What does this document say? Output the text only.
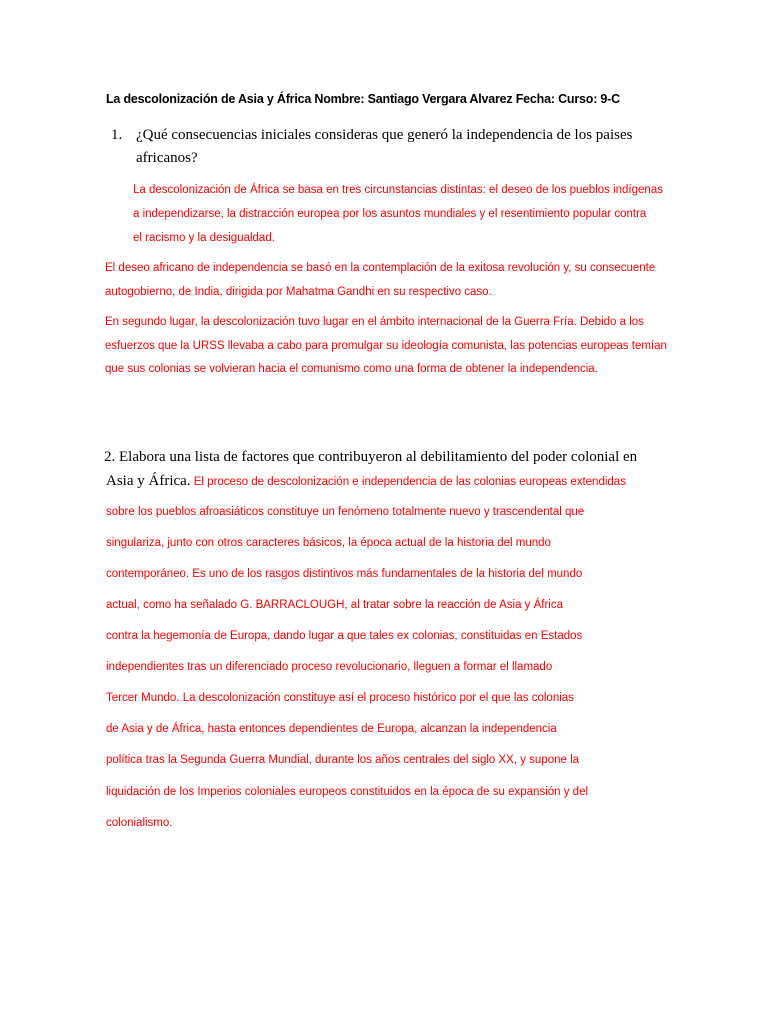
La descolonización de Asia y África Nombre: Santiago Vergara Alvarez Fecha: Curso: 9-C
1. ¿Qué consecuencias iniciales consideras que generó la independencia de los paises
africanos?
La descolonización de África se basa en tres circunstancias distintas: el deseo de los pueblos indígenas
a independizarse, la distracción europea por los asuntos mundiales y el resentimiento popular contra
el racismo y la desigualdad.
El deseo africano de independencia se basó en la contemplación de la exitosa revolución y, su consecuente
autogobierno, de India, dirigida por Mahatma Gandhi en su respectivo caso.
En segundo lugar, la descolonización tuvo lugar en el ámbito internacional de la Guerra Fría. Debido a los
esfuerzos que la URSS llevaba a cabo para promulgar su ideología comunista, las potencias europeas temían
que sus colonias se volvieran hacia el comunismo como una forma de obtener la independencia.
2. Elabora una lista de factores que contribuyeron al debilitamiento del poder colonial en
Asia y África. El proceso de descolonización e independencia de las colonias europeas extendidas
sobre los pueblos afroasiáticos constituye un fenómeno totalmente nuevo y trascendental que
singulariza, junto con otros caracteres básicos, la época actual de la historia del mundo
contemporáneo. Es uno de los rasgos distintivos más fundamentales de la historia del mundo
actual, como ha señalado G. BARRACLOUGH, al tratar sobre la reacción de Asia y África
contra la hegemonía de Europa, dando lugar a que tales ex colonias, constituidas en Estados
independientes tras un diferenciado proceso revolucionario, lleguen a formar el llamado
Tercer Mundo. La descolonización constituye así el proceso histórico por el que las colonias
de Asia y de África, hasta entonces dependientes de Europa, alcanzan la independencia
política tras la Segunda Guerra Mundial, durante los años centrales del siglo XX, y supone la
liquidación de los Imperios coloniales europeos constituidos en la época de su expansión y del
colonialismo.
